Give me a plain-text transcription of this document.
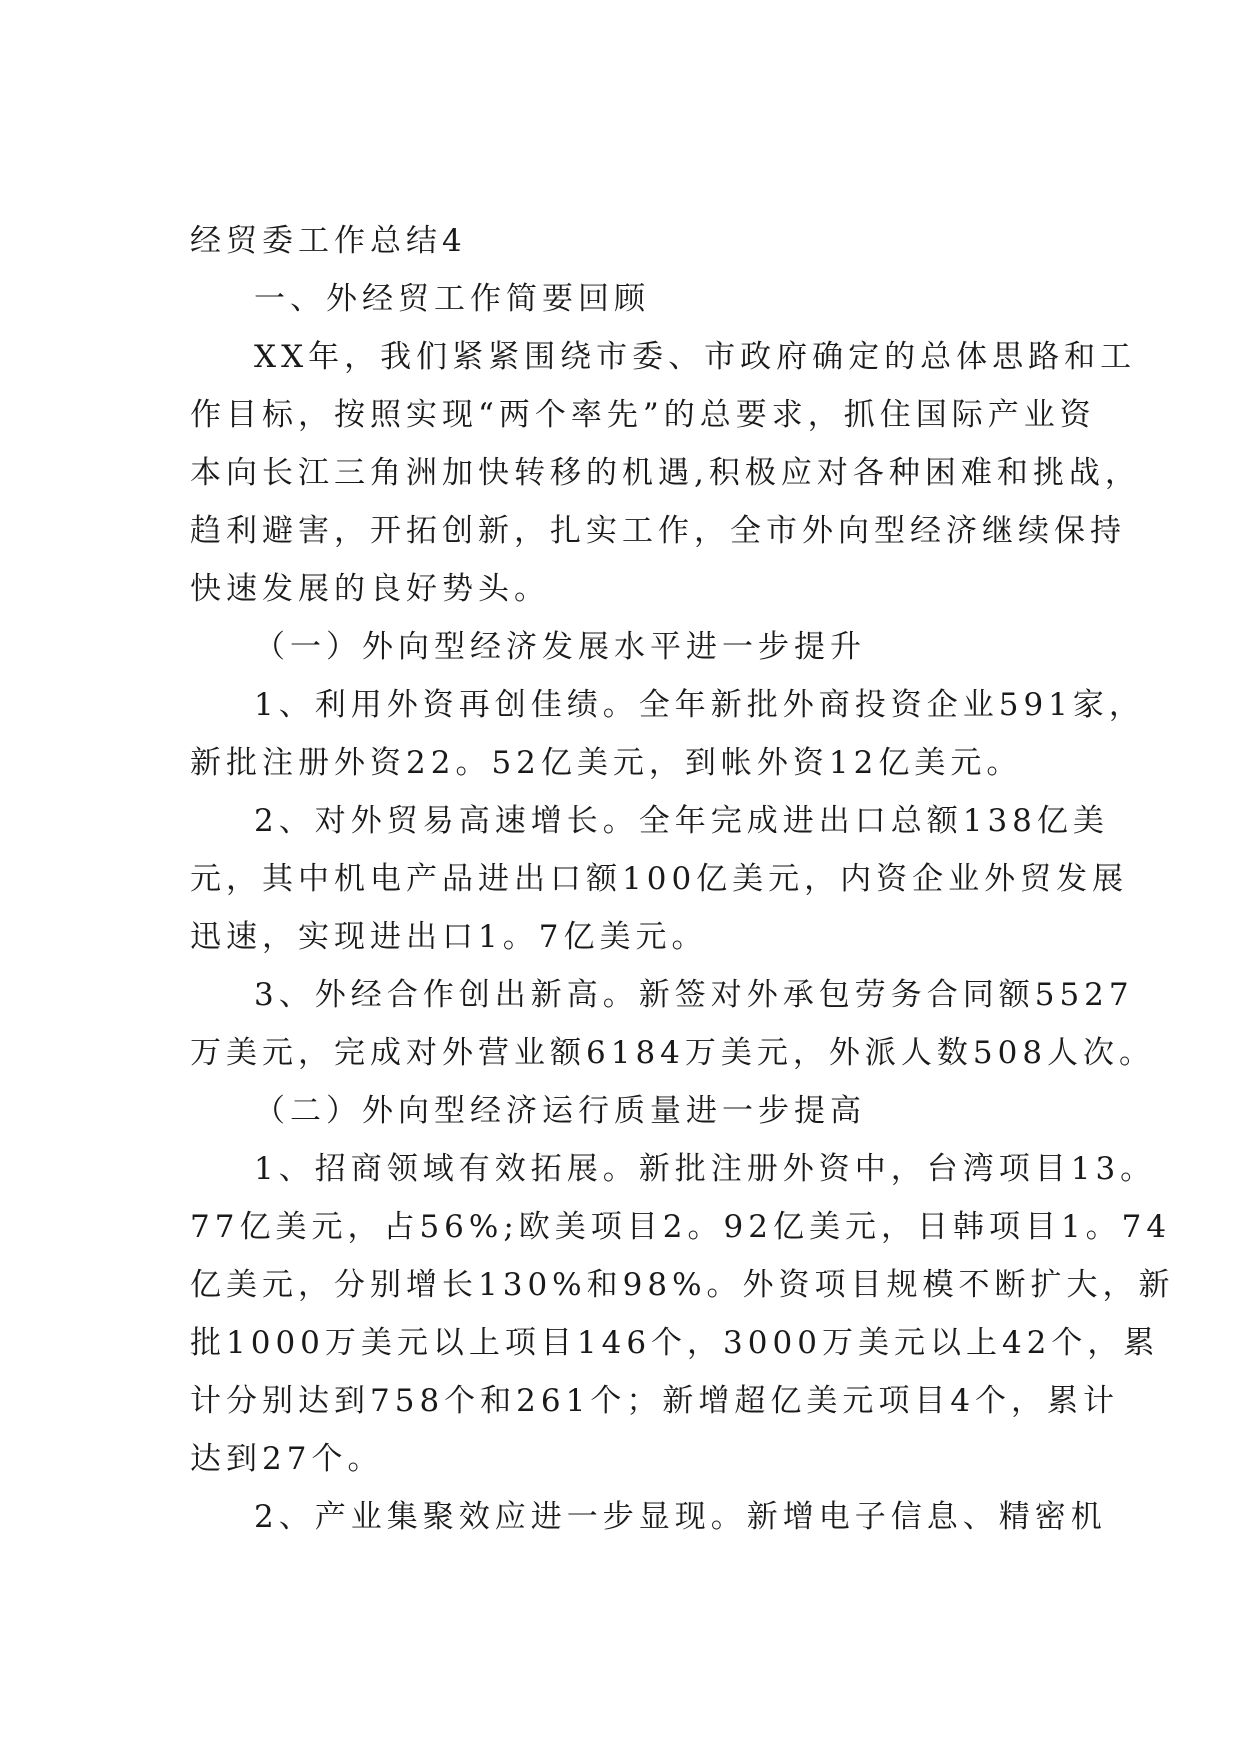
经贸委工作总结4
一、外经贸工作简要回顾
XX年，我们紧紧围绕市委、市政府确定的总体思路和工
作目标，按照实现“两个率先”的总要求，抓住国际产业资
本向长江三角洲加快转移的机遇,积极应对各种困难和挑战，
趋利避害，开拓创新，扎实工作，全市外向型经济继续保持
快速发展的良好势头。
（一）外向型经济发展水平进一步提升
1、利用外资再创佳绩。全年新批外商投资企业591家，
新批注册外资22。52亿美元，到帐外资12亿美元。
2、对外贸易高速增长。全年完成进出口总额138亿美
元，其中机电产品进出口额100亿美元，内资企业外贸发展
迅速，实现进出口1。7亿美元。
3、外经合作创出新高。新签对外承包劳务合同额5527
万美元，完成对外营业额6184万美元，外派人数508人次。
（二）外向型经济运行质量进一步提高
1、招商领域有效拓展。新批注册外资中，台湾项目13。
77亿美元，占56%;欧美项目2。92亿美元，日韩项目1。74
亿美元，分别增长130%和98%。外资项目规模不断扩大，新
批1000万美元以上项目146个，3000万美元以上42个，累
计分别达到758个和261个；新增超亿美元项目4个，累计
达到27个。
2、产业集聚效应进一步显现。新增电子信息、精密机
